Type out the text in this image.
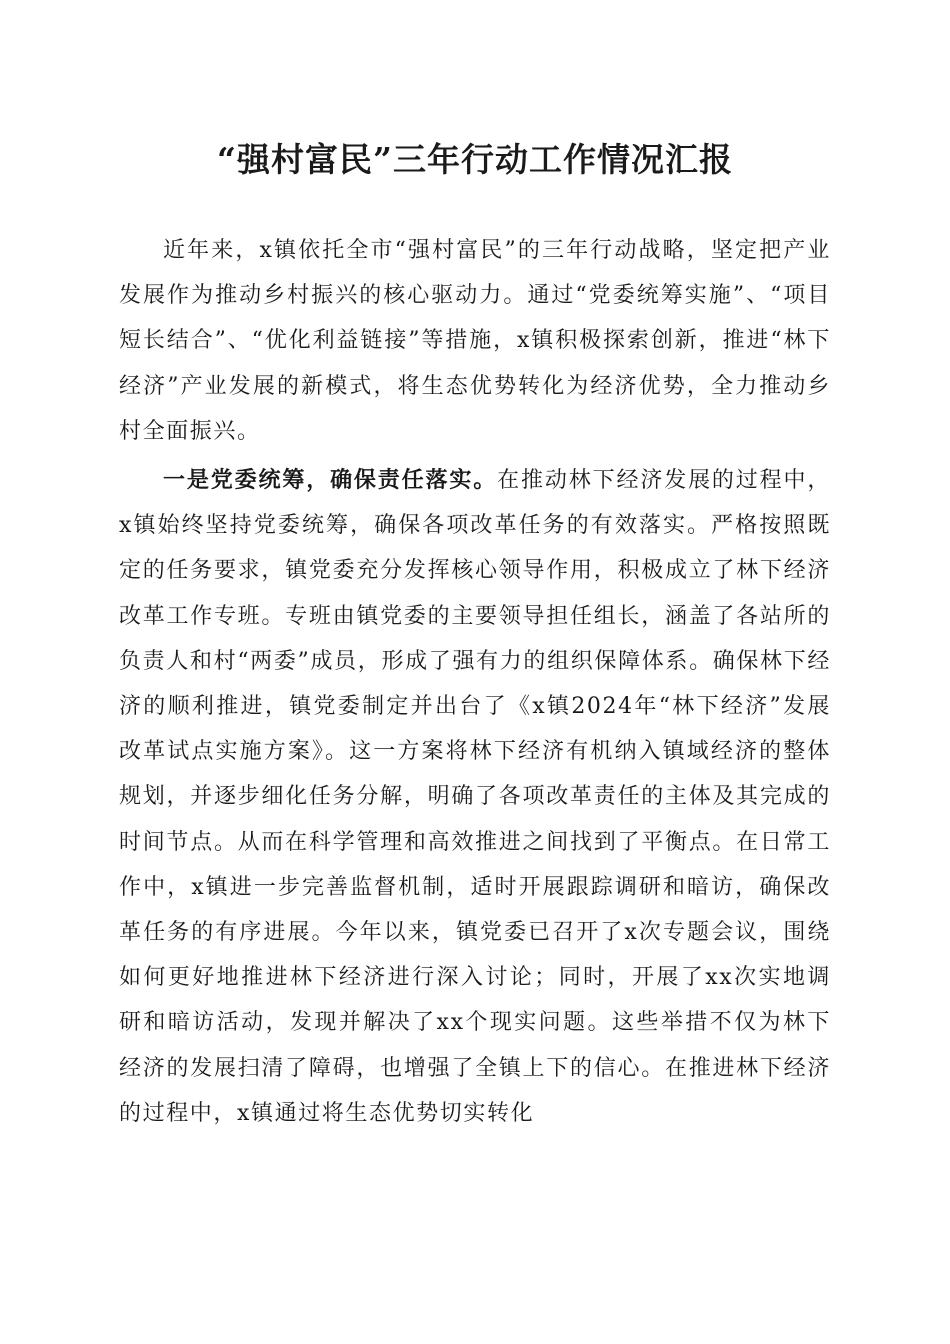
“强村富民”三年行动工作情况汇报

近年来，x镇依托全市“强村富民”的三年行动战略，坚定把产业发展作为推动乡村振兴的核心驱动力。通过“党委统筹实施”、“项目短长结合”、“优化利益链接”等措施，x镇积极探索创新，推进“林下经济”产业发展的新模式，将生态优势转化为经济优势，全力推动乡村全面振兴。

一是党委统筹，确保责任落实。在推动林下经济发展的过程中，x镇始终坚持党委统筹，确保各项改革任务的有效落实。严格按照既定的任务要求，镇党委充分发挥核心领导作用，积极成立了林下经济改革工作专班。专班由镇党委的主要领导担任组长，涵盖了各站所的负责人和村“两委”成员，形成了强有力的组织保障体系。确保林下经济的顺利推进，镇党委制定并出台了《x镇2024年“林下经济”发展改革试点实施方案》。这一方案将林下经济有机纳入镇域经济的整体规划，并逐步细化任务分解，明确了各项改革责任的主体及其完成的时间节点。从而在科学管理和高效推进之间找到了平衡点。在日常工作中，x镇进一步完善监督机制，适时开展跟踪调研和暗访，确保改革任务的有序进展。今年以来，镇党委已召开了x次专题会议，围绕如何更好地推进林下经济进行深入讨论；同时，开展了xx次实地调研和暗访活动，发现并解决了xx个现实问题。这些举措不仅为林下经济的发展扫清了障碍，也增强了全镇上下的信心。在推进林下经济的过程中，x镇通过将生态优势切实转化
